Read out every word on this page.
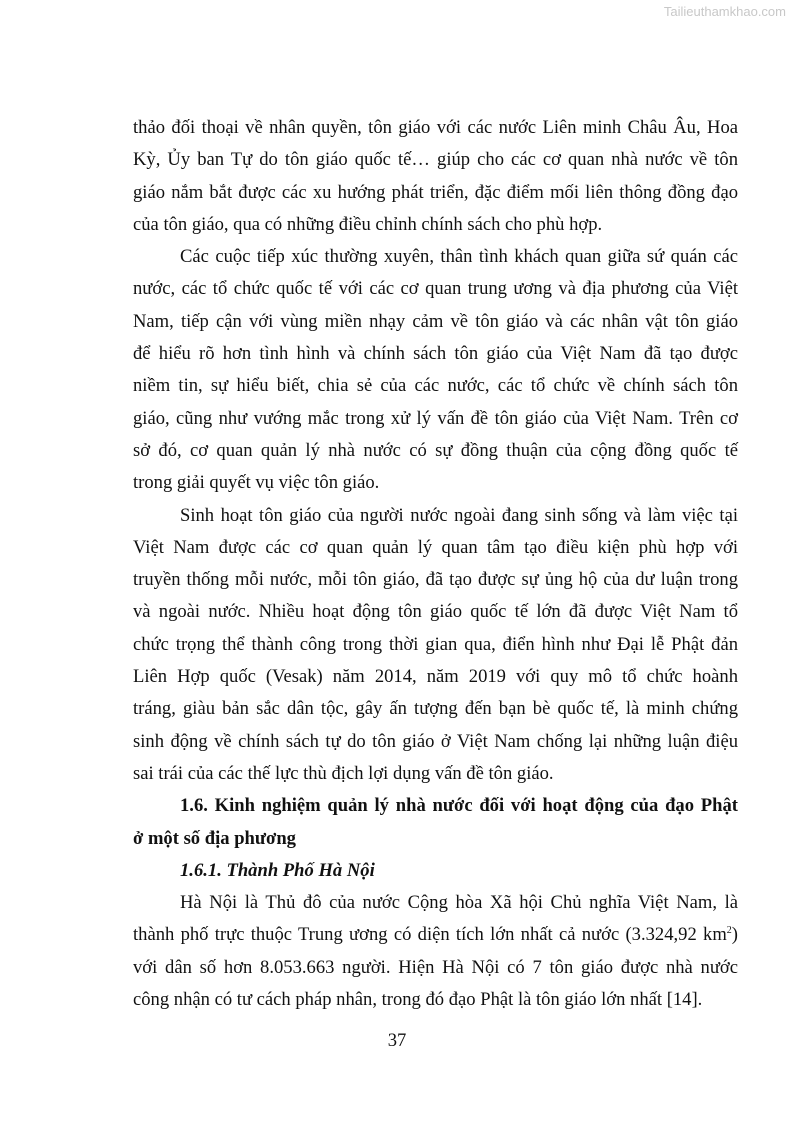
Tailieuthamkhao.com
thảo đối thoại về nhân quyền, tôn giáo với các nước Liên minh Châu Âu, Hoa
Kỳ, Ủy ban Tự do tôn giáo quốc tế… giúp cho các cơ quan nhà nước về tôn
giáo nắm bắt được các xu hướng phát triển, đặc điểm mối liên thông đồng đạo
của tôn giáo, qua có những điều chỉnh chính sách cho phù hợp.
Các cuộc tiếp xúc thường xuyên, thân tình khách quan giữa sứ quán các
nước, các tổ chức quốc tế với các cơ quan trung ương và địa phương của Việt
Nam, tiếp cận với vùng miền nhạy cảm về tôn giáo và các nhân vật tôn giáo
để hiểu rõ hơn tình hình và chính sách tôn giáo của Việt Nam đã tạo được
niềm tin, sự hiểu biết, chia sẻ của các nước, các tổ chức về chính sách tôn
giáo, cũng như vướng mắc trong xử lý vấn đề tôn giáo của Việt Nam. Trên cơ
sở đó, cơ quan quản lý nhà nước có sự đồng thuận của cộng đồng quốc tế
trong giải quyết vụ việc tôn giáo.
Sinh hoạt tôn giáo của người nước ngoài đang sinh sống và làm việc tại
Việt Nam được các cơ quan quản lý quan tâm tạo điều kiện phù hợp với
truyền thống mỗi nước, mỗi tôn giáo, đã tạo được sự ủng hộ của dư luận trong
và ngoài nước. Nhiều hoạt động tôn giáo quốc tế lớn đã được Việt Nam tổ
chức trọng thể thành công trong thời gian qua, điển hình như Đại lễ Phật đản
Liên Hợp quốc (Vesak) năm 2014, năm 2019 với quy mô tổ chức hoành
tráng, giàu bản sắc dân tộc, gây ấn tượng đến bạn bè quốc tế, là minh chứng
sinh động về chính sách tự do tôn giáo ở Việt Nam chống lại những luận điệu
sai trái của các thế lực thù địch lợi dụng vấn đề tôn giáo.
1.6. Kinh nghiệm quản lý nhà nước đối với hoạt động của đạo Phật
ở một số địa phương
1.6.1. Thành Phố Hà Nội
Hà Nội là Thủ đô của nước Cộng hòa Xã hội Chủ nghĩa Việt Nam, là
thành phố trực thuộc Trung ương có diện tích lớn nhất cả nước (3.324,92 $km^2$)
với dân số hơn 8.053.663 người. Hiện Hà Nội có 7 tôn giáo được nhà nước
công nhận có tư cách pháp nhân, trong đó đạo Phật là tôn giáo lớn nhất [14].
37
